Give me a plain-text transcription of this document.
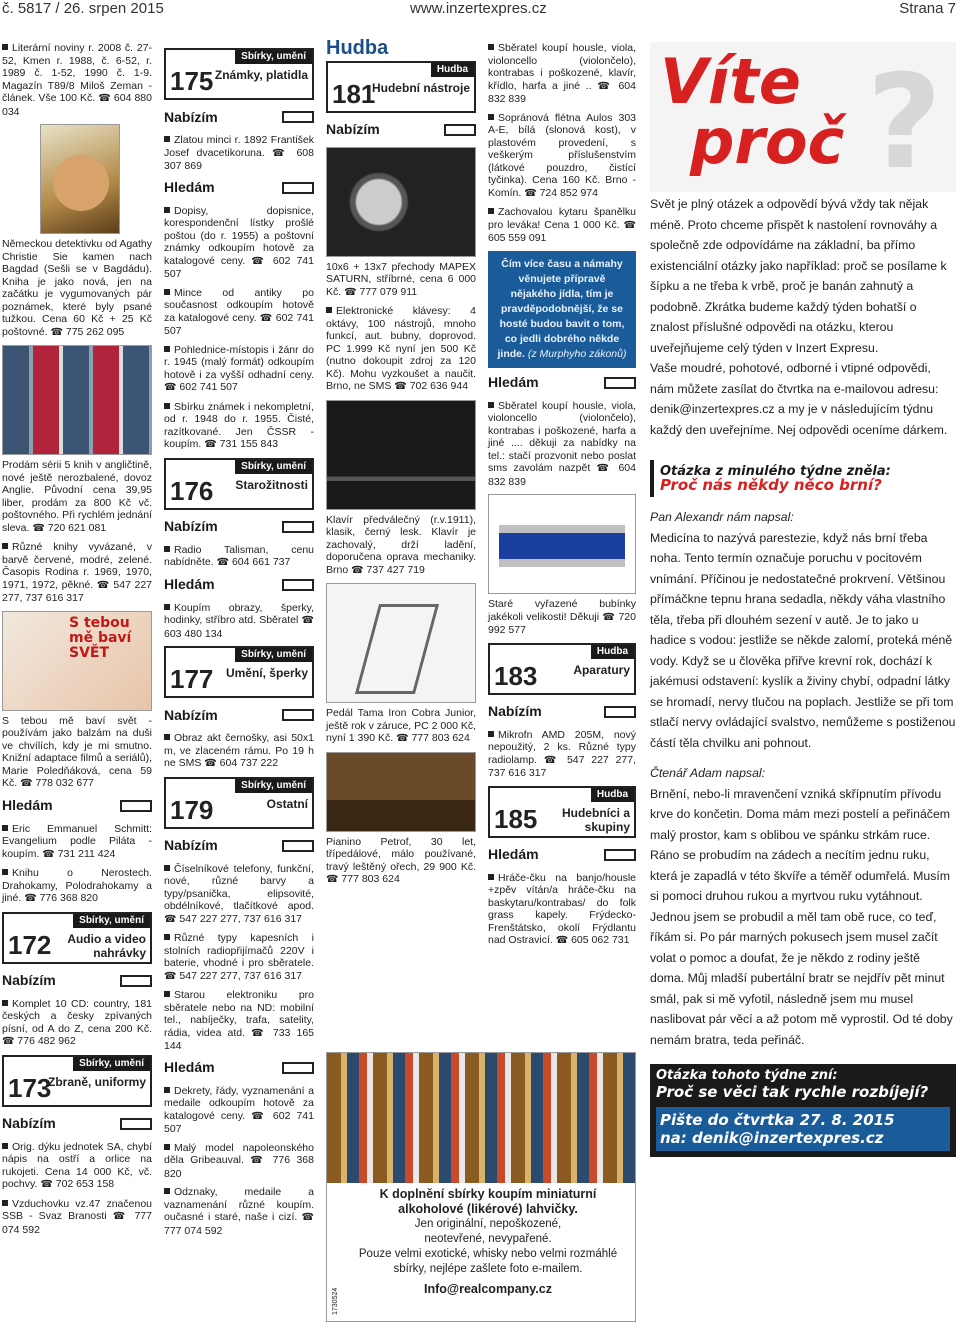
č. 5817 / 26. srpen 2015	www.inzertexpres.cz	Strana 7
Literární noviny r. 2008 č. 27-52, Kmen r. 1988, č. 6-52, r. 1989 č. 1-52, 1990 č. 1-9. Magazín T89/8 Miloš Zeman - článek. Vše 100 Kč. ☎ 604 880 034
Německou detektivku od Agathy Christie Sie kamen nach Bagdad (Sešli se v Bagdádu). Kniha je jako nová, jen na začátku je vygumovaných pár poznámek, které byly psané tužkou. Cena 60 Kč + 25 Kč poštovné. ☎ 775 262 095
Prodám sérii 5 knih v angličtině, nové ještě nerozbalené, dovoz Anglie. Původní cena 39,95 liber, prodám za 800 Kč vč. poštovného. Při rychlém jednání sleva. ☎ 720 621 081
Různé knihy vyvázané, v barvě červené, modré, zelené. Časopis Rodina r. 1969, 1970, 1971, 1972, pěkné. ☎ 547 227 277, 737 616 317
S tebou mě baví SVĚT
S tebou mě baví svět - používám jako balzám na duši ve chvílích, kdy je mi smutno. Knižní adaptace filmů a seriálů), Marie Poledňáková, cena 59 Kč. ☎ 778 032 677
Hledám
Eric Emmanuel Schmitt: Evangelium podle Piláta - koupím. ☎ 731 211 424
Knihu o Nerostech. Drahokamy, Polodrahokamy a jiné. ☎ 776 368 820
Sbírky, umění
172	Audio a video nahrávky
Nabízím
Komplet 10 CD: country, 181 českých a česky zpívaných písní, od A do Z, cena 200 Kč. ☎ 776 482 962
Sbírky, umění
173
Zbraně, uniformy
Nabízím
Orig. dýku jednotek SA, chybí nápis na ostří a orlice na rukojeti. Cena 14 000 Kč, vč. pochvy. ☎ 702 653 158
Vzduchovku vz.47 značenou SSB - Svaz Branosti ☎ 777 074 592
Sbírky, umění
175 Známky, platidla
Nabízím
Zlatou minci r. 1892 František Josef dvacetikoruna. ☎ 608 307 869
Hledám
Dopisy, dopisnice, korespondenční lístky prošlé poštou (do r. 1955) a poštovní známky odkoupím hotově za katalogové ceny. ☎ 602 741 507
Mince od antiky po současnost odkoupím hotově za katalogové ceny. ☎ 602 741 507
Pohlednice-místopis i žánr do r. 1945 (malý formát) odkoupím hotově i za vyšší odhadní ceny. ☎ 602 741 507
Sbírku známek i nekompletní, od r. 1948 do r. 1955. Čisté, razítkované. Jen ČSSR - koupím. ☎ 731 155 843
Sbírky, umění
176	Starožitnosti
Nabízím
Radio Talisman, cenu nabídněte. ☎ 604 661 737
Hledám
Koupím obrazy, šperky, hodinky, stříbro atd. Sběratel ☎ 603 480 134
Sbírky, umění
177	Umění, šperky
Nabízím
Obraz akt černošky, asi 50x1 m, ve zlaceném rámu. Po 19 h ne SMS ☎ 604 737 222
Sbírky, umění
179	Ostatní
Nabízím
Číselníkové telefony, funkční, nové, různé barvy a typy/psanička, elipsovité, obdélníkové, tlačítkové apod. ☎ 547 227 277, 737 616 317
Různé typy kapesních i stolních radiopřijímačů 220V i baterie, vhodné i pro sběratele. ☎ 547 227 277, 737 616 317
Starou elektroniku pro sběratele nebo na ND: mobilní tel., nabíječky, trafa, satelity, rádia, videa atd. ☎ 733 165 144
Hledám
Dekrety, řády, vyznamenání a medaile odkoupím hotově za katalogové ceny. ☎ 602 741 507
Malý model napoleonského děla Gribeauval. ☎ 776 368 820
Odznaky, medaile a vaznamenání různé koupím. oučasné i staré, naše i cizí. ☎ 777 074 592
Hudba
Hudba
181
Hudební nástroje
Nabízím
10x6 + 13x7 přechody MAPEX SATURN, stříbrné, cena 6 000 Kč. ☎ 777 079 911
Elektronické klávesy: 4 oktávy, 100 nástrojů, mnoho funkcí, aut. bubny, doprovod. PC 1.999 Kč nyní jen 500 Kč (nutno dokoupit zdroj za 120 Kč). Mohu vyzkoušet a naučit. Brno, ne SMS ☎ 702 636 944
Klavír předválečný (r.v.1911), klasik, černý lesk. Klavír je zachovalý, drží ladění, doporučena oprava mechaniky. Brno ☎ 737 427 719
Pedál Tama Iron Cobra Junior, ještě rok v záruce, PC 2 000 Kč, nyní 1 390 Kč. ☎ 777 803 624
Pianino Petrof, 30 let, třípedálové, málo používané, travý leštěný ořech, 29 900 Kč. ☎ 777 803 624
Sběratel koupí housle, viola, violoncello (violončelo), kontrabas i poškozené, klavír, křídlo, harfa a jiné .. ☎ 604 832 839
Sopránová flétna Aulos 303 A-E, bílá (slonová kost), v plastovém provedení, s veškerým příslušenstvím (látkové pouzdro, čistící tyčinka). Cena 160 Kč. Brno - Komín. ☎ 724 852 974
Zachovalou kytaru španělku pro leváka! Cena 1 000 Kč. ☎ 605 559 091
Čím více času a námahy věnujete přípravě nějakého jídla, tím je pravděpodobnější, že se hosté budou bavit o tom, co jedli dobrého někde jinde. (z Murphyho zákonů)
Hledám
Sběratel koupí housle, viola, violoncello (violončelo), kontrabas i poškozené, harfa a jiné .... děkuji za nabídky na tel.: stačí prozvonit nebo poslat sms zavolám nazpět ☎ 604 832 839
Staré vyřazené bubínky jakékoli velikosti! Děkuji ☎ 720 992 577
Hudba
183	Aparatury
Nabízím
Mikrofn AMD 205M, nový nepoužitý, 2 ks. Různé typy radiolamp. ☎ 547 227 277, 737 616 317
Hudba
185	Hudebníci a skupiny
Hledám
Hráče-čku na banjo/housle +zpěv vítán/a hráče-čku na baskytaru/kontrabas/ do folk grass kapely. Frýdecko-Frenštátsko, okolí Frýdlantu nad Ostravicí. ☎ 605 062 731
K doplnění sbírky koupím miniaturní alkoholové (likérové) lahvičky.
Jen originální, nepoškozené,
neotevřené, nevypařené.
Pouze velmi exotické, whisky nebo velmi rozmáhlé sbírky, nejlépe zašlete foto e-mailem.
Info@realcompany.cz
1730524
Víte
proč ?
Svět je plný otázek a odpovědí bývá vždy tak nějak méně. Proto chceme přispět k nastolení rovnováhy a společně zde odpovídáme na základní, ba přímo existenciální otázky jako například: proč se posílame k šípku a ne třeba k vrbě, proč je banán zahnutý a podobně. Zkrátka budeme každý týden bohatší o znalost příslušné odpovědi na otázku, kterou uveřejňujeme celý týden v Inzert Expresu.
Vaše moudré, pohotové, odborné i vtipné odpovědi, nám můžete zasílat do čtvrtka na e-mailovou adresu: denik@inzertexpres.cz a my je v následujícím týdnu každý den uveřejníme. Nej odpovědi oceníme dárkem.
Otázka z minulého týdne zněla:
Proč nás někdy něco brní?
Pan Alexandr nám napsal:
Medicína to nazývá parestezie, když nás brní třeba noha. Tento termín označuje poruchu v pocitovém vnímání. Příčinou je nedostatečné prokrvení. Většinou přímáčkne tepnu hrana sedadla, někdy váha vlastního těla, třeba při dlouhém sezení v autě. Je to jako u hadice s vodou: jestliže se někde zalomí, proteká méně vody. Když se u člověka přiřve krevní rok, dochází k jakémusi odstavení: kyslík a živiny chybí, odpadní látky se hromadí, nervy tlučou na poplach. Jestliže se při tom stlačí nervy ovládající svalstvo, nemůžeme s postiženou částí těla chvilku ani pohnout.
Čtenář Adam napsal:
Brnění, nebo-li mravenčení vzniká skřípnutím přívodu krve do končetin. Doma mám mezi postelí a peřináčem malý prostor, kam s oblibou ve spánku strkám ruce. Ráno se probudím na zádech a necítím jednu ruku, která je zapadlá v této škvíře a téměř odumřelá. Musím si pomoci druhou rukou a myrtvou ruku vytáhnout. Jednou jsem se probudil a měl tam obě ruce, co teď, říkám si. Po pár marných pokusech jsem musel začít volat o pomoc a doufat, že je někdo z rodiny ještě doma. Můj mladší pubertální bratr se nejdřív pět minut smál, pak si mě vyfotil, následně jsem mu musel naslibovat pár věcí a až potom mě vyprostil. Od té doby nemám bratra, teda peřináč.
Otázka tohoto týdne zní:
Proč se věci tak rychle rozbíjejí?
Pište do čtvrtka 27. 8. 2015
na: denik@inzertexpres.cz
